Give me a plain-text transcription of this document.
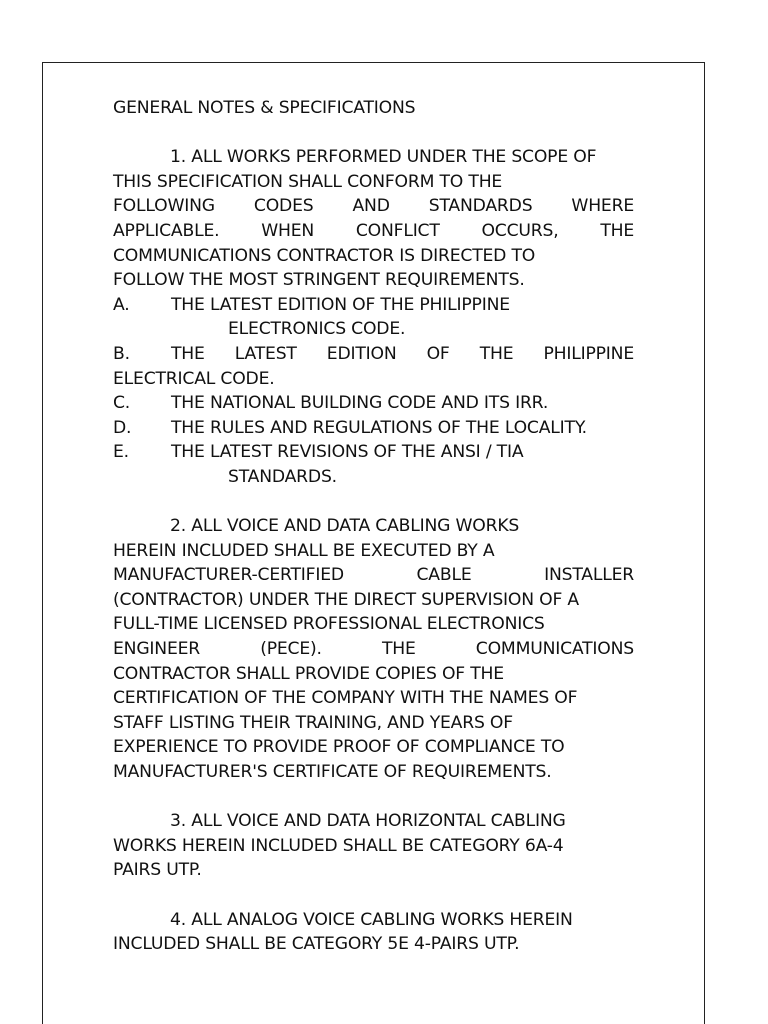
GENERAL NOTES & SPECIFICATIONS
1. ALL WORKS PERFORMED UNDER THE SCOPE OF
THIS SPECIFICATION SHALL CONFORM TO THE
FOLLOWING CODES AND STANDARDS WHERE
APPLICABLE. WHEN CONFLICT OCCURS, THE
COMMUNICATIONS CONTRACTOR IS DIRECTED TO
FOLLOW THE MOST STRINGENT REQUIREMENTS.
A. THE LATEST EDITION OF THE PHILIPPINE
ELECTRONICS CODE.
B. THE LATEST EDITION OF THE PHILIPPINE
ELECTRICAL CODE.
C. THE NATIONAL BUILDING CODE AND ITS IRR.
D. THE RULES AND REGULATIONS OF THE LOCALITY.
E. THE LATEST REVISIONS OF THE ANSI / TIA
STANDARDS.
2. ALL VOICE AND DATA CABLING WORKS
HEREIN INCLUDED SHALL BE EXECUTED BY A
MANUFACTURER-CERTIFIED CABLE INSTALLER
(CONTRACTOR) UNDER THE DIRECT SUPERVISION OF A
FULL-TIME LICENSED PROFESSIONAL ELECTRONICS
ENGINEER (PECE). THE COMMUNICATIONS
CONTRACTOR SHALL PROVIDE COPIES OF THE
CERTIFICATION OF THE COMPANY WITH THE NAMES OF
STAFF LISTING THEIR TRAINING, AND YEARS OF
EXPERIENCE TO PROVIDE PROOF OF COMPLIANCE TO
MANUFACTURER'S CERTIFICATE OF REQUIREMENTS.
3. ALL VOICE AND DATA HORIZONTAL CABLING
WORKS HEREIN INCLUDED SHALL BE CATEGORY 6A-4
PAIRS UTP.
4. ALL ANALOG VOICE CABLING WORKS HEREIN
INCLUDED SHALL BE CATEGORY 5E 4-PAIRS UTP.
